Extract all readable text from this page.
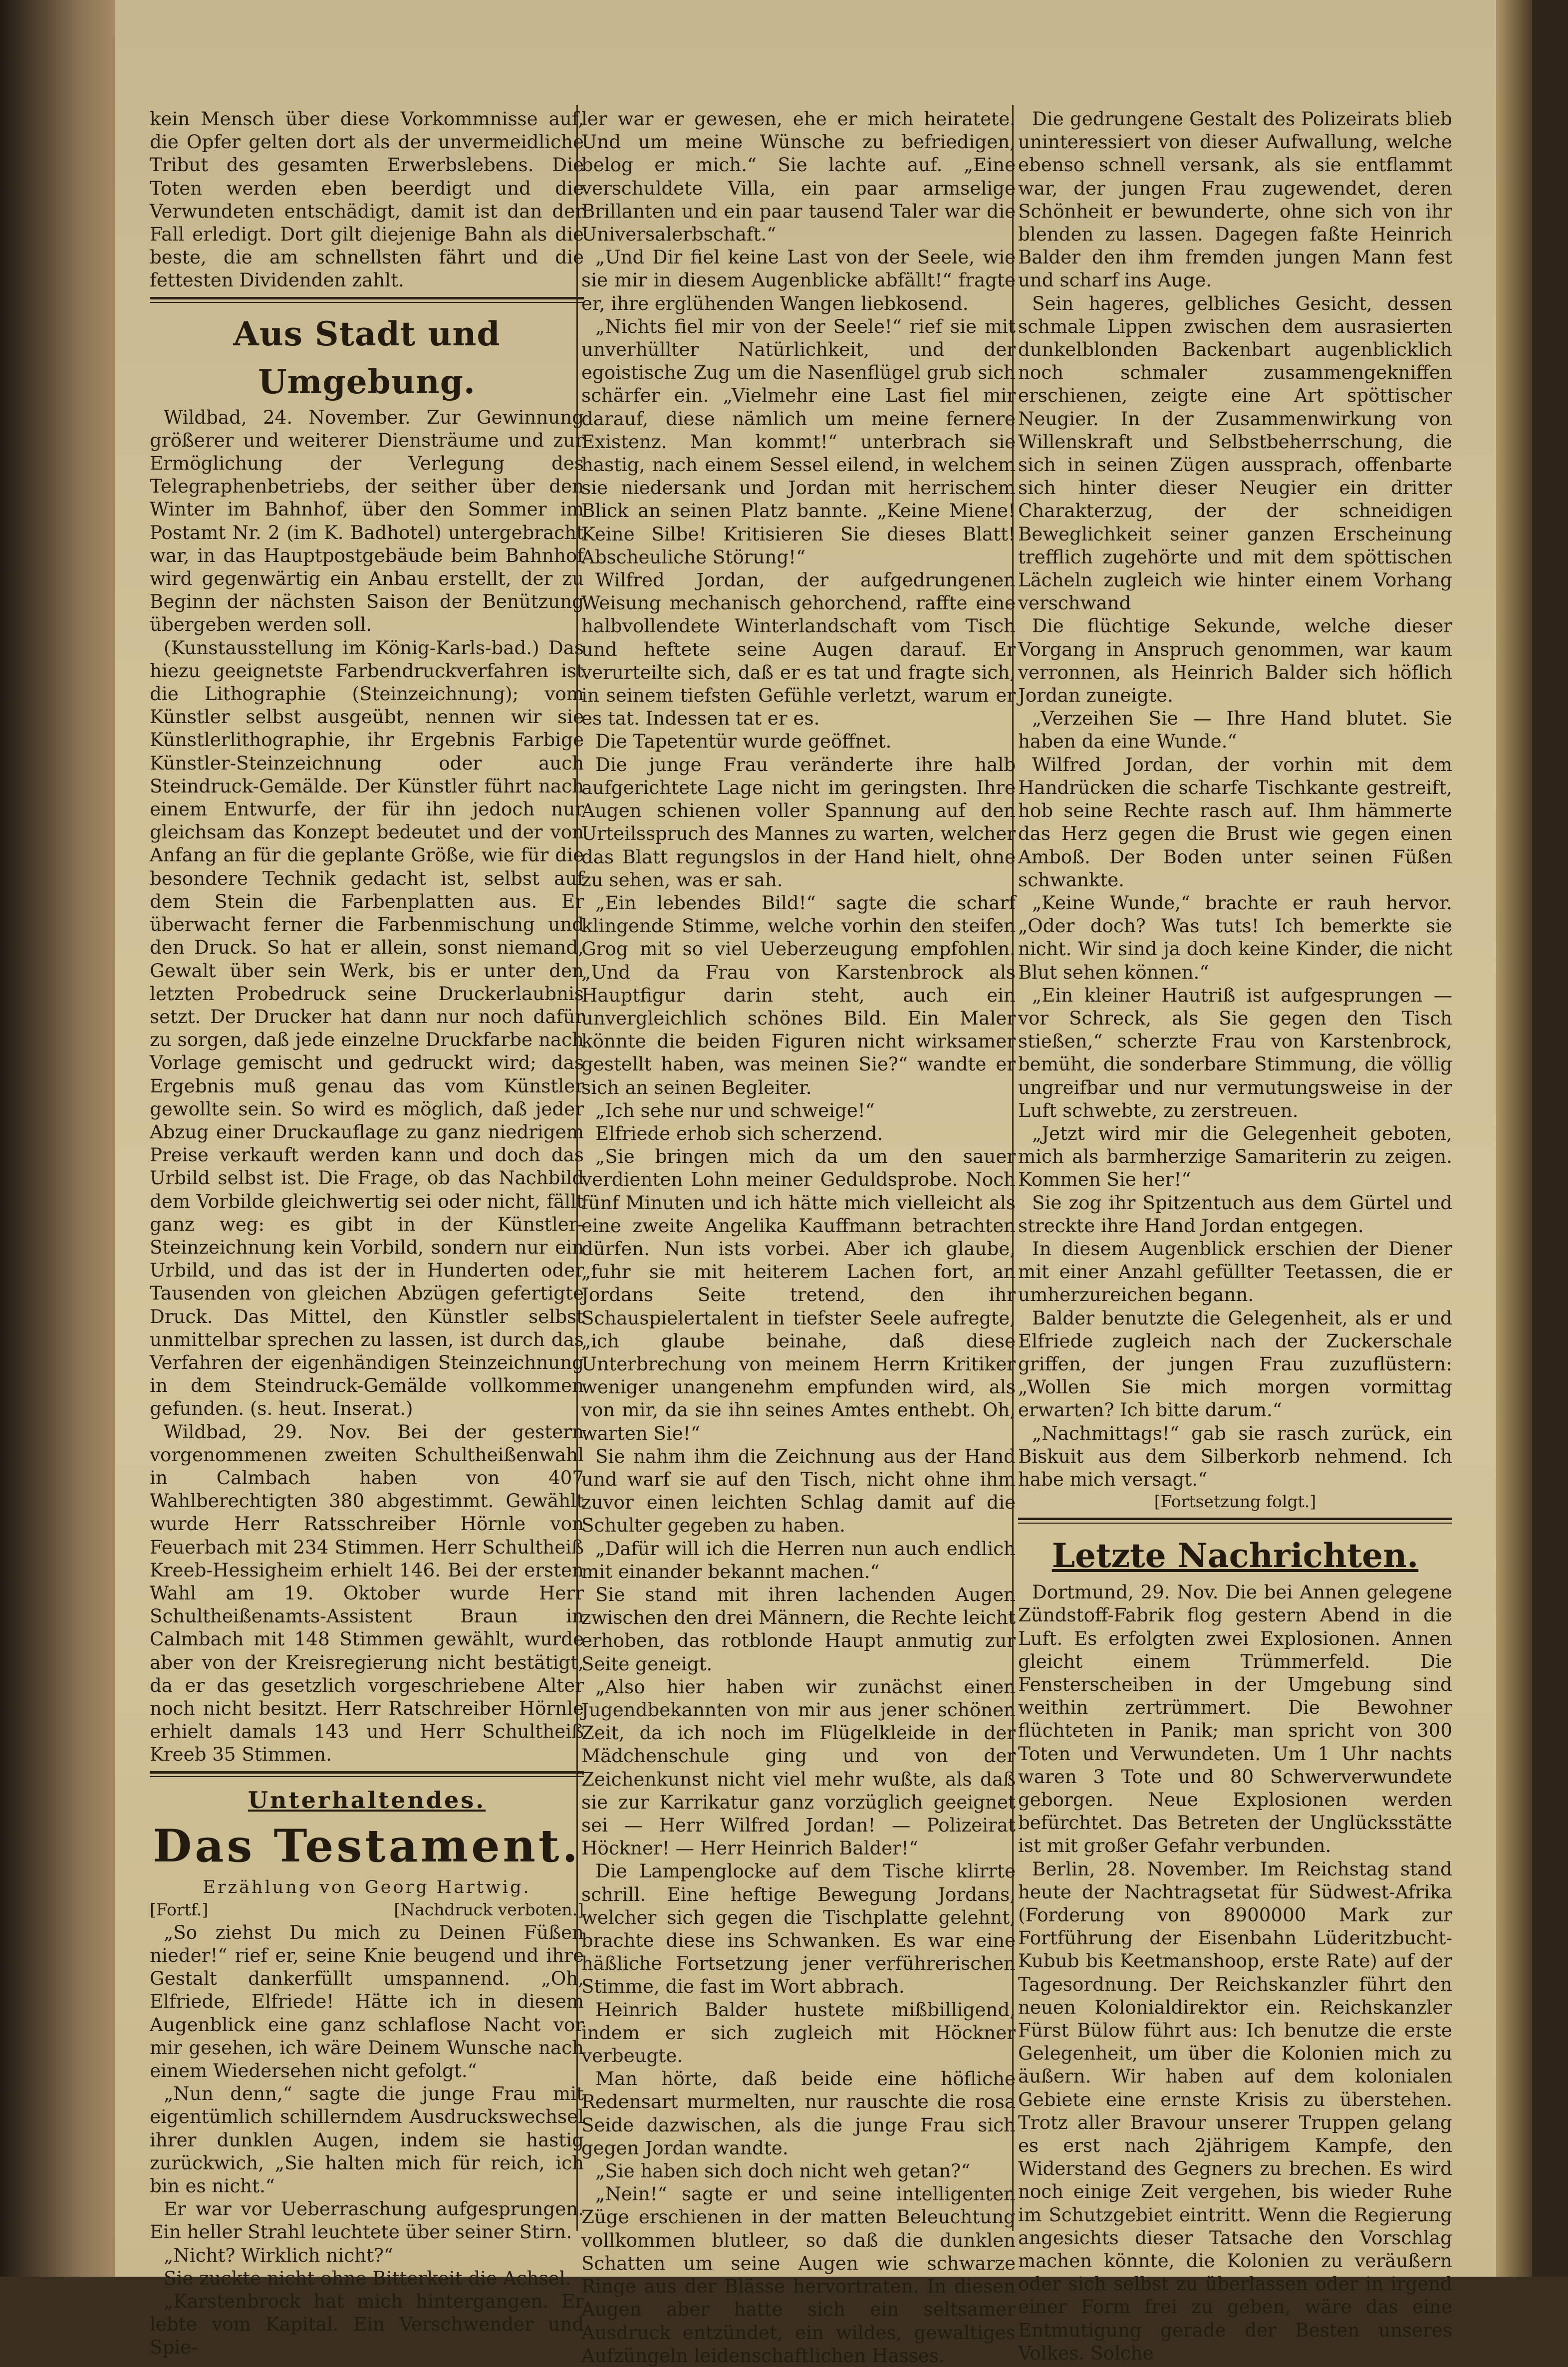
kein Mensch über diese Vorkommnisse auf, die Opfer gelten dort als der unvermeidliche Tribut des gesamten Erwerbslebens. Die Toten werden eben beerdigt und die Verwundeten entschädigt, damit ist dan der Fall erledigt. Dort gilt diejenige Bahn als die beste, die am schnellsten fährt und die fettesten Dividenden zahlt.

Aus Stadt und Umgebung.

Wildbad, 24. November. Zur Gewinnung größerer und weiterer Diensträume und zur Ermöglichung der Verlegung des Telegraphenbetriebs, der seither über den Winter im Bahnhof, über den Sommer im Postamt Nr. 2 (im K. Badhotel) untergebracht war, in das Hauptpostgebäude beim Bahnhof wird gegenwärtig ein Anbau erstellt, der zu Beginn der nächsten Saison der Benützung übergeben werden soll.

(Kunstausstellung im König-Karls-bad.) Das hiezu geeignetste Farbendruckverfahren ist die Lithographie (Steinzeichnung); vom Künstler selbst ausgeübt, nennen wir sie Künstlerlithographie, ihr Ergebnis Farbige Künstler-Steinzeichnung oder auch Steindruck-Gemälde. Der Künstler führt nach einem Entwurfe, der für ihn jedoch nur gleichsam das Konzept bedeutet und der von Anfang an für die geplante Größe, wie für die besondere Technik gedacht ist, selbst auf dem Stein die Farbenplatten aus. Er überwacht ferner die Farbenmischung und den Druck. So hat er allein, sonst niemand, Gewalt über sein Werk, bis er unter den letzten Probedruck seine Druckerlaubnis setzt. Der Drucker hat dann nur noch dafür zu sorgen, daß jede einzelne Druckfarbe nach Vorlage gemischt und gedruckt wird; das Ergebnis muß genau das vom Künstler gewollte sein. So wird es möglich, daß jeder Abzug einer Druckauflage zu ganz niedrigem Preise verkauft werden kann und doch das Urbild selbst ist. Die Frage, ob das Nachbild dem Vorbilde gleichwertig sei oder nicht, fällt ganz weg: es gibt in der Künstler-Steinzeichnung kein Vorbild, sondern nur ein Urbild, und das ist der in Hunderten oder Tausenden von gleichen Abzügen gefertigte Druck. Das Mittel, den Künstler selbst unmittelbar sprechen zu lassen, ist durch das Verfahren der eigenhändigen Steinzeichnung in dem Steindruck-Gemälde vollkommen gefunden. (s. heut. Inserat.)

Wildbad, 29. Nov. Bei der gestern vorgenommenen zweiten Schultheißenwahl in Calmbach haben von 407 Wahlberechtigten 380 abgestimmt. Gewählt wurde Herr Ratsschreiber Hörnle von Feuerbach mit 234 Stimmen. Herr Schultheiß Kreeb-Hessigheim erhielt 146. Bei der ersten Wahl am 19. Oktober wurde Herr Schultheißenamts-Assistent Braun in Calmbach mit 148 Stimmen gewählt, wurde aber von der Kreisregierung nicht bestätigt, da er das gesetzlich vorgeschriebene Alter noch nicht besitzt. Herr Ratschreiber Hörnle erhielt damals 143 und Herr Schultheiß Kreeb 35 Stimmen.

Unterhaltendes.

Das Testament.

Erzählung von Georg Hartwig.

[Fortf.]	[Nachdruck verboten.]

„So ziehst Du mich zu Deinen Füßen nieder!“ rief er, seine Knie beugend und ihre Gestalt dankerfüllt umspannend. „Oh, Elfriede, Elfriede! Hätte ich in diesem Augenblick eine ganz schlaflose Nacht vor mir gesehen, ich wäre Deinem Wunsche nach einem Wiedersehen nicht gefolgt.“

„Nun denn,“ sagte die junge Frau mit eigentümlich schillerndem Ausdruckswechsel ihrer dunklen Augen, indem sie hastig zurückwich, „Sie halten mich für reich, ich bin es nicht.“

Er war vor Ueberraschung aufgesprungen. Ein heller Strahl leuchtete über seiner Stirn.

„Nicht? Wirklich nicht?“

Sie zuckte nicht ohne Bitterkeit die Achsel.

„Karstenbrock hat mich hintergangen. Er lebte vom Kapital. Ein Verschwender und Spie-

ler war er gewesen, ehe er mich heiratete. Und um meine Wünsche zu befriedigen, belog er mich.“ Sie lachte auf. „Eine verschuldete Villa, ein paar armselige Brillanten und ein paar tausend Taler war die Universalerbschaft.“

„Und Dir fiel keine Last von der Seele, wie sie mir in diesem Augenblicke abfällt!“ fragte er, ihre erglühenden Wangen liebkosend.

„Nichts fiel mir von der Seele!“ rief sie mit unverhüllter Natürlichkeit, und der egoistische Zug um die Nasenflügel grub sich schärfer ein. „Vielmehr eine Last fiel mir darauf, diese nämlich um meine fernere Existenz. Man kommt!“ unterbrach sie hastig, nach einem Sessel eilend, in welchem sie niedersank und Jordan mit herrischem Blick an seinen Platz bannte. „Keine Miene! Keine Silbe! Kritisieren Sie dieses Blatt! Abscheuliche Störung!“

Wilfred Jordan, der aufgedrungenen Weisung mechanisch gehorchend, raffte eine halbvollendete Winterlandschaft vom Tisch und heftete seine Augen darauf. Er verurteilte sich, daß er es tat und fragte sich, in seinem tiefsten Gefühle verletzt, warum er es tat. Indessen tat er es.

Die Tapetentür wurde geöffnet.

Die junge Frau veränderte ihre halb aufgerichtete Lage nicht im geringsten. Ihre Augen schienen voller Spannung auf den Urteilsspruch des Mannes zu warten, welcher das Blatt regungslos in der Hand hielt, ohne zu sehen, was er sah.

„Ein lebendes Bild!“ sagte die scharf klingende Stimme, welche vorhin den steifen Grog mit so viel Ueberzeugung empfohlen. „Und da Frau von Karstenbrock als Hauptfigur darin steht, auch ein unvergleichlich schönes Bild. Ein Maler könnte die beiden Figuren nicht wirksamer gestellt haben, was meinen Sie?“ wandte er sich an seinen Begleiter.

„Ich sehe nur und schweige!“

Elfriede erhob sich scherzend.

„Sie bringen mich da um den sauer verdienten Lohn meiner Geduldsprobe. Noch fünf Minuten und ich hätte mich vielleicht als eine zweite Angelika Kauffmann betrachten dürfen. Nun ists vorbei. Aber ich glaube, „fuhr sie mit heiterem Lachen fort, an Jordans Seite tretend, den ihr Schauspielertalent in tiefster Seele aufregte, „ich glaube beinahe, daß diese Unterbrechung von meinem Herrn Kritiker weniger unangenehm empfunden wird, als von mir, da sie ihn seines Amtes enthebt. Oh, warten Sie!“

Sie nahm ihm die Zeichnung aus der Hand und warf sie auf den Tisch, nicht ohne ihm zuvor einen leichten Schlag damit auf die Schulter gegeben zu haben.

„Dafür will ich die Herren nun auch endlich mit einander bekannt machen.“

Sie stand mit ihren lachenden Augen zwischen den drei Männern, die Rechte leicht erhoben, das rotblonde Haupt anmutig zur Seite geneigt.

„Also hier haben wir zunächst einen Jugendbekannten von mir aus jener schönen Zeit, da ich noch im Flügelkleide in der Mädchenschule ging und von der Zeichenkunst nicht viel mehr wußte, als daß sie zur Karrikatur ganz vorzüglich geeignet sei — Herr Wilfred Jordan! — Polizeirat Höckner! — Herr Heinrich Balder!“

Die Lampenglocke auf dem Tische klirrte schrill. Eine heftige Bewegung Jordans, welcher sich gegen die Tischplatte gelehnt, brachte diese ins Schwanken. Es war eine häßliche Fortsetzung jener verführerischen Stimme, die fast im Wort abbrach.

Heinrich Balder hustete mißbilligend, indem er sich zugleich mit Höckner verbeugte.

Man hörte, daß beide eine höfliche Redensart murmelten, nur rauschte die rosa Seide dazwischen, als die junge Frau sich gegen Jordan wandte.

„Sie haben sich doch nicht weh getan?“

„Nein!“ sagte er und seine intelligenten Züge erschienen in der matten Beleuchtung vollkommen blutleer, so daß die dunklen Schatten um seine Augen wie schwarze Ringe aus der Blässe hervortraten. In diesen Augen aber hatte sich ein seltsamer Ausdruck entzündet, ein wildes, gewaltiges Aufzüngeln leidenschaftlichen Hasses.

Die gedrungene Gestalt des Polizeirats blieb uninteressiert von dieser Aufwallung, welche ebenso schnell versank, als sie entflammt war, der jungen Frau zugewendet, deren Schönheit er bewunderte, ohne sich von ihr blenden zu lassen. Dagegen faßte Heinrich Balder den ihm fremden jungen Mann fest und scharf ins Auge.

Sein hageres, gelbliches Gesicht, dessen schmale Lippen zwischen dem ausrasierten dunkelblonden Backenbart augenblicklich noch schmaler zusammengekniffen erschienen, zeigte eine Art spöttischer Neugier. In der Zusammenwirkung von Willenskraft und Selbstbeherrschung, die sich in seinen Zügen aussprach, offenbarte sich hinter dieser Neugier ein dritter Charakterzug, der der schneidigen Beweglichkeit seiner ganzen Erscheinung trefflich zugehörte und mit dem spöttischen Lächeln zugleich wie hinter einem Vorhang verschwand

Die flüchtige Sekunde, welche dieser Vorgang in Anspruch genommen, war kaum verronnen, als Heinrich Balder sich höflich Jordan zuneigte.

„Verzeihen Sie — Ihre Hand blutet. Sie haben da eine Wunde.“

Wilfred Jordan, der vorhin mit dem Handrücken die scharfe Tischkante gestreift, hob seine Rechte rasch auf. Ihm hämmerte das Herz gegen die Brust wie gegen einen Amboß. Der Boden unter seinen Füßen schwankte.

„Keine Wunde,“ brachte er rauh hervor. „Oder doch? Was tuts! Ich bemerkte sie nicht. Wir sind ja doch keine Kinder, die nicht Blut sehen können.“

„Ein kleiner Hautriß ist aufgesprungen — vor Schreck, als Sie gegen den Tisch stießen,“ scherzte Frau von Karstenbrock, bemüht, die sonderbare Stimmung, die völlig ungreifbar und nur vermutungsweise in der Luft schwebte, zu zerstreuen.

„Jetzt wird mir die Gelegenheit geboten, mich als barmherzige Samariterin zu zeigen. Kommen Sie her!“

Sie zog ihr Spitzentuch aus dem Gürtel und streckte ihre Hand Jordan entgegen.

In diesem Augenblick erschien der Diener mit einer Anzahl gefüllter Teetassen, die er umherzureichen begann.

Balder benutzte die Gelegenheit, als er und Elfriede zugleich nach der Zuckerschale griffen, der jungen Frau zuzuflüstern: „Wollen Sie mich morgen vormittag erwarten? Ich bitte darum.“

„Nachmittags!“ gab sie rasch zurück, ein Biskuit aus dem Silberkorb nehmend. Ich habe mich versagt.“

[Fortsetzung folgt.]

Letzte Nachrichten.

Dortmund, 29. Nov. Die bei Annen gelegene Zündstoff-Fabrik flog gestern Abend in die Luft. Es erfolgten zwei Explosionen. Annen gleicht einem Trümmerfeld. Die Fensterscheiben in der Umgebung sind weithin zertrümmert. Die Bewohner flüchteten in Panik; man spricht von 300 Toten und Verwundeten. Um 1 Uhr nachts waren 3 Tote und 80 Schwerverwundete geborgen. Neue Explosionen werden befürchtet. Das Betreten der Unglücksstätte ist mit großer Gefahr verbunden.

Berlin, 28. November. Im Reichstag stand heute der Nachtragsetat für Südwest-Afrika (Forderung von 8900000 Mark zur Fortführung der Eisenbahn Lüderitzbucht-Kubub bis Keetmanshoop, erste Rate) auf der Tagesordnung. Der Reichskanzler führt den neuen Kolonialdirektor ein. Reichskanzler Fürst Bülow führt aus: Ich benutze die erste Gelegenheit, um über die Kolonien mich zu äußern. Wir haben auf dem kolonialen Gebiete eine ernste Krisis zu überstehen. Trotz aller Bravour unserer Truppen gelang es erst nach 2jährigem Kampfe, den Widerstand des Gegners zu brechen. Es wird noch einige Zeit vergehen, bis wieder Ruhe im Schutzgebiet eintritt. Wenn die Regierung angesichts dieser Tatsache den Vorschlag machen könnte, die Kolonien zu veräußern oder sich selbst zu überlassen oder in irgend einer Form frei zu geben, wäre das eine Entmutigung gerade der Besten unseres Volkes. Solche
